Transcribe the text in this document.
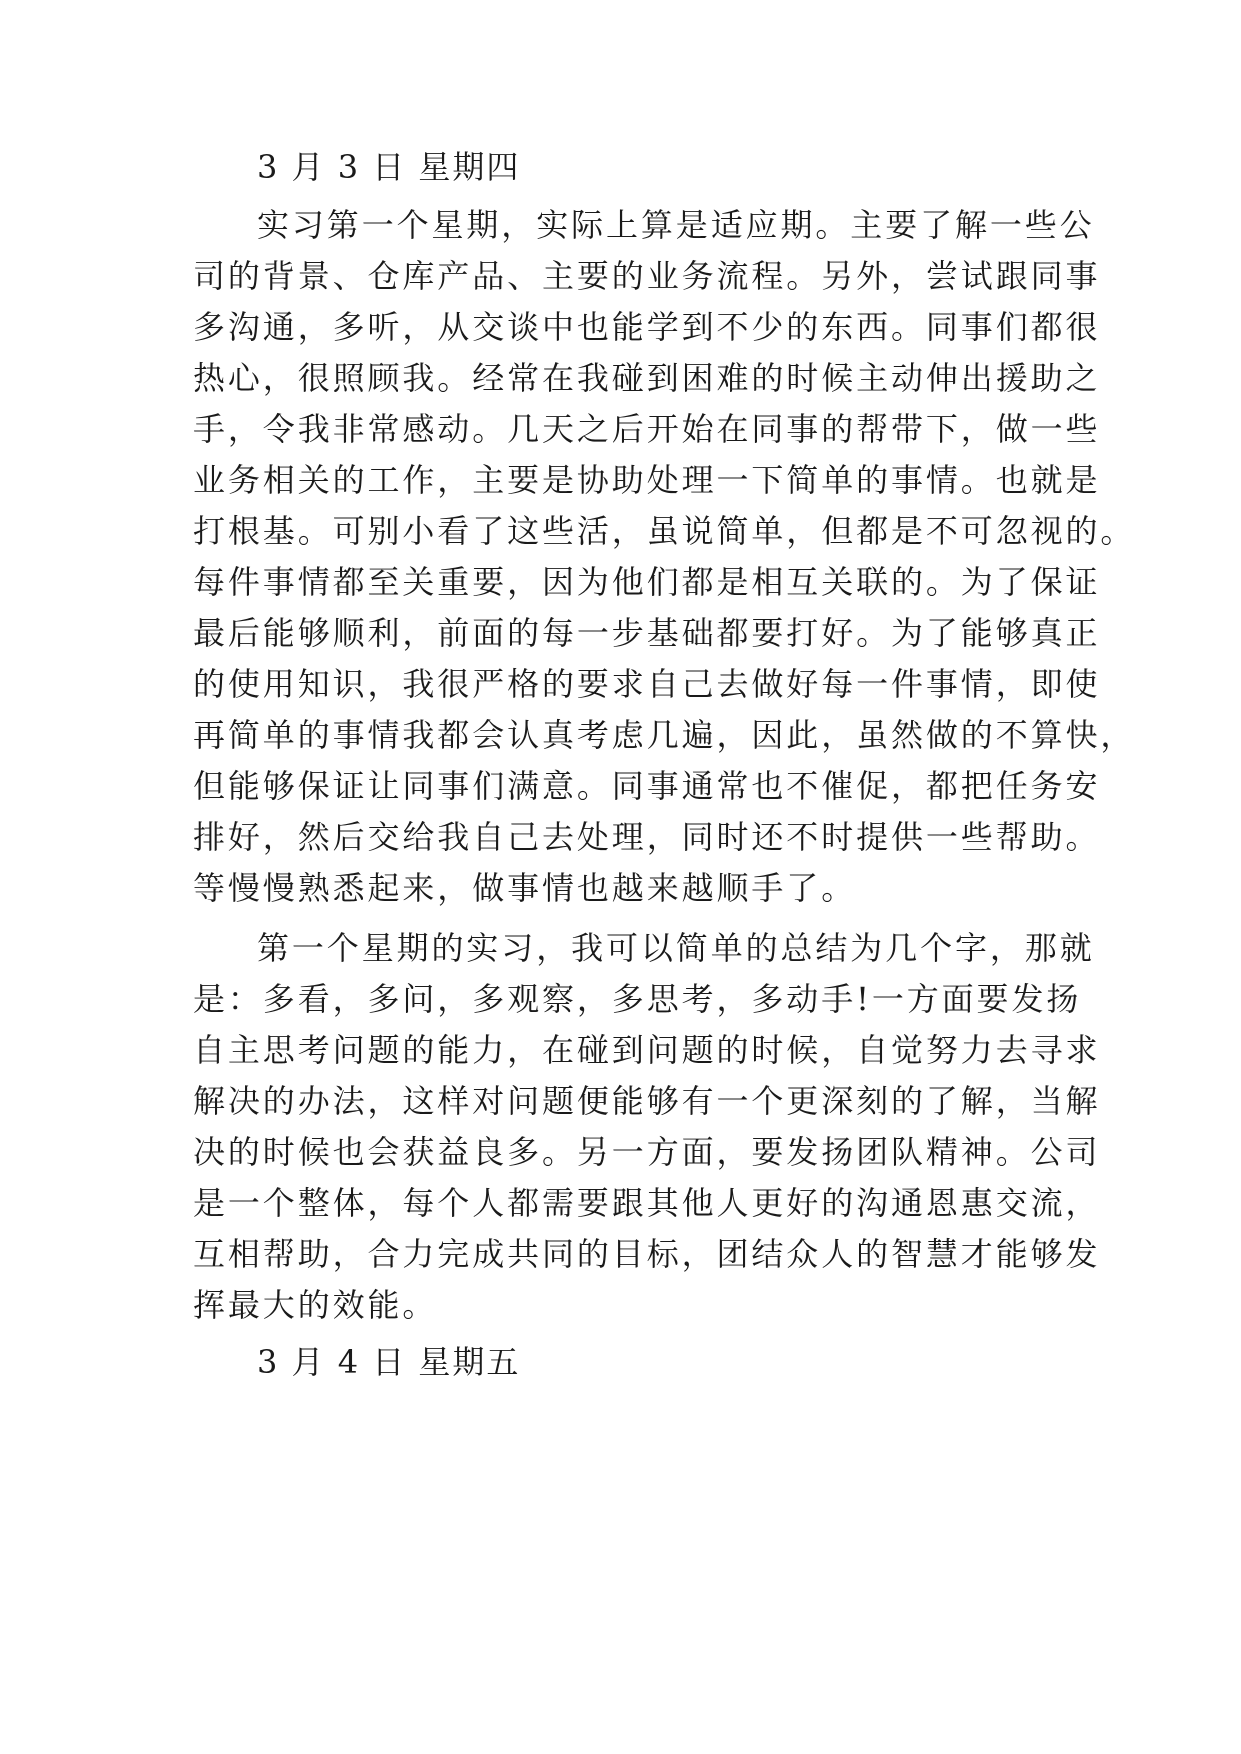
3 月 3 日 星期四
实习第一个星期，实际上算是适应期。主要了解一些公
司的背景、仓库产品、主要的业务流程。另外，尝试跟同事
多沟通，多听，从交谈中也能学到不少的东西。同事们都很
热心，很照顾我。经常在我碰到困难的时候主动伸出援助之
手，令我非常感动。几天之后开始在同事的帮带下，做一些
业务相关的工作，主要是协助处理一下简单的事情。也就是
打根基。可别小看了这些活，虽说简单，但都是不可忽视的。
每件事情都至关重要，因为他们都是相互关联的。为了保证
最后能够顺利，前面的每一步基础都要打好。为了能够真正
的使用知识，我很严格的要求自己去做好每一件事情，即使
再简单的事情我都会认真考虑几遍，因此，虽然做的不算快，
但能够保证让同事们满意。同事通常也不催促，都把任务安
排好，然后交给我自己去处理，同时还不时提供一些帮助。
等慢慢熟悉起来，做事情也越来越顺手了。
第一个星期的实习，我可以简单的总结为几个字，那就
是：多看，多问，多观察，多思考，多动手!一方面要发扬
自主思考问题的能力，在碰到问题的时候，自觉努力去寻求
解决的办法，这样对问题便能够有一个更深刻的了解，当解
决的时候也会获益良多。另一方面，要发扬团队精神。公司
是一个整体，每个人都需要跟其他人更好的沟通恩惠交流，
互相帮助，合力完成共同的目标，团结众人的智慧才能够发
挥最大的效能。
3 月 4 日 星期五
